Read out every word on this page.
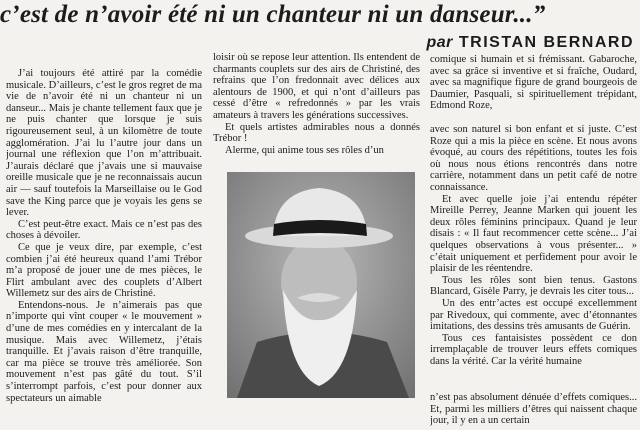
c’est de n’avoir été ni un chanteur ni un danseur...”
par TRISTAN BERNARD

J’ai toujours été attiré par la comédie musicale. D’ailleurs, c’est le gros regret de ma vie de n’avoir été ni un chanteur ni un danseur... Mais je chante tellement faux que je ne puis chanter que lorsque je suis rigoureusement seul, à un kilomètre de toute agglomération. J’ai lu l’autre jour dans un journal une réflexion que l’on m’attribuait. J’aurais déclaré que j’avais une si mauvaise oreille musicale que je ne reconnaissais aucun air — sauf toutefois la Marseillaise ou le God save the King parce que je voyais les gens se lever.

C’est peut-être exact. Mais ce n’est pas des choses à dévoiler.

Ce que je veux dire, par exemple, c’est combien j’ai été heureux quand l’ami Trébor m’a proposé de jouer une de mes pièces, le Flirt ambulant avec des couplets d’Albert Willemetz sur des airs de Christiné.

Entendons-nous. Je n’aimerais pas que n’importe qui vînt couper « le mouvement » d’une de mes comédies en y intercalant de la musique. Mais avec Willemetz, j’étais tranquille. Et j’avais raison d’être tranquille, car ma pièce se trouve très améliorée. Son mouvement n’est pas gâté du tout. S’il s’interrompt parfois, c’est pour donner aux spectateurs un aimable

loisir où se repose leur attention. Ils entendent de charmants couplets sur des airs de Christiné, des refrains que l’on fredonnait avec délices aux alentours de 1900, et qui n’ont d’ailleurs pas cessé d’être « refredonnés » par les vrais amateurs à travers les générations successives.

Et quels artistes admirables nous a donnés Trébor !

Alerme, qui anime tous ses rôles d’un

comique si humain et si frémissant. Gabaroche, avec sa grâce si inventive et si fraîche, Oudard, avec sa magnifique figure de grand bourgeois de Daumier, Pasquali, si spirituellement trépidant, Edmond Roze,

avec son naturel si bon enfant et si juste. C’est Roze qui a mis la pièce en scène. Et nous avons évoqué, au cours des répétitions, toutes les fois où nous nous étions rencontrés dans notre carrière, notamment dans un petit café de notre connaissance.

Et avec quelle joie j’ai entendu répéter Mireille Perrey, Jeanne Marken qui jouent les deux rôles féminins principaux. Quand je leur disais : « Il faut recommencer cette scène... J’ai quelques observations à vous présenter... » c’était uniquement et perfidement pour avoir le plaisir de les réentendre.

Tous les rôles sont bien tenus. Gastons Blancard, Gisèle Parry, je devrais les citer tous...

Un des entr’actes est occupé excellemment par Rivedoux, qui commente, avec d’étonnantes imitations, des dessins très amusants de Guérin.

Tous ces fantaisistes possèdent ce don irremplaçable de trouver leurs effets comiques dans la vérité. Car la vérité humaine

n’est pas absolument dénuée d’effets comiques... Et, parmi les milliers d’êtres qui naissent chaque jour, il y en a un certain
